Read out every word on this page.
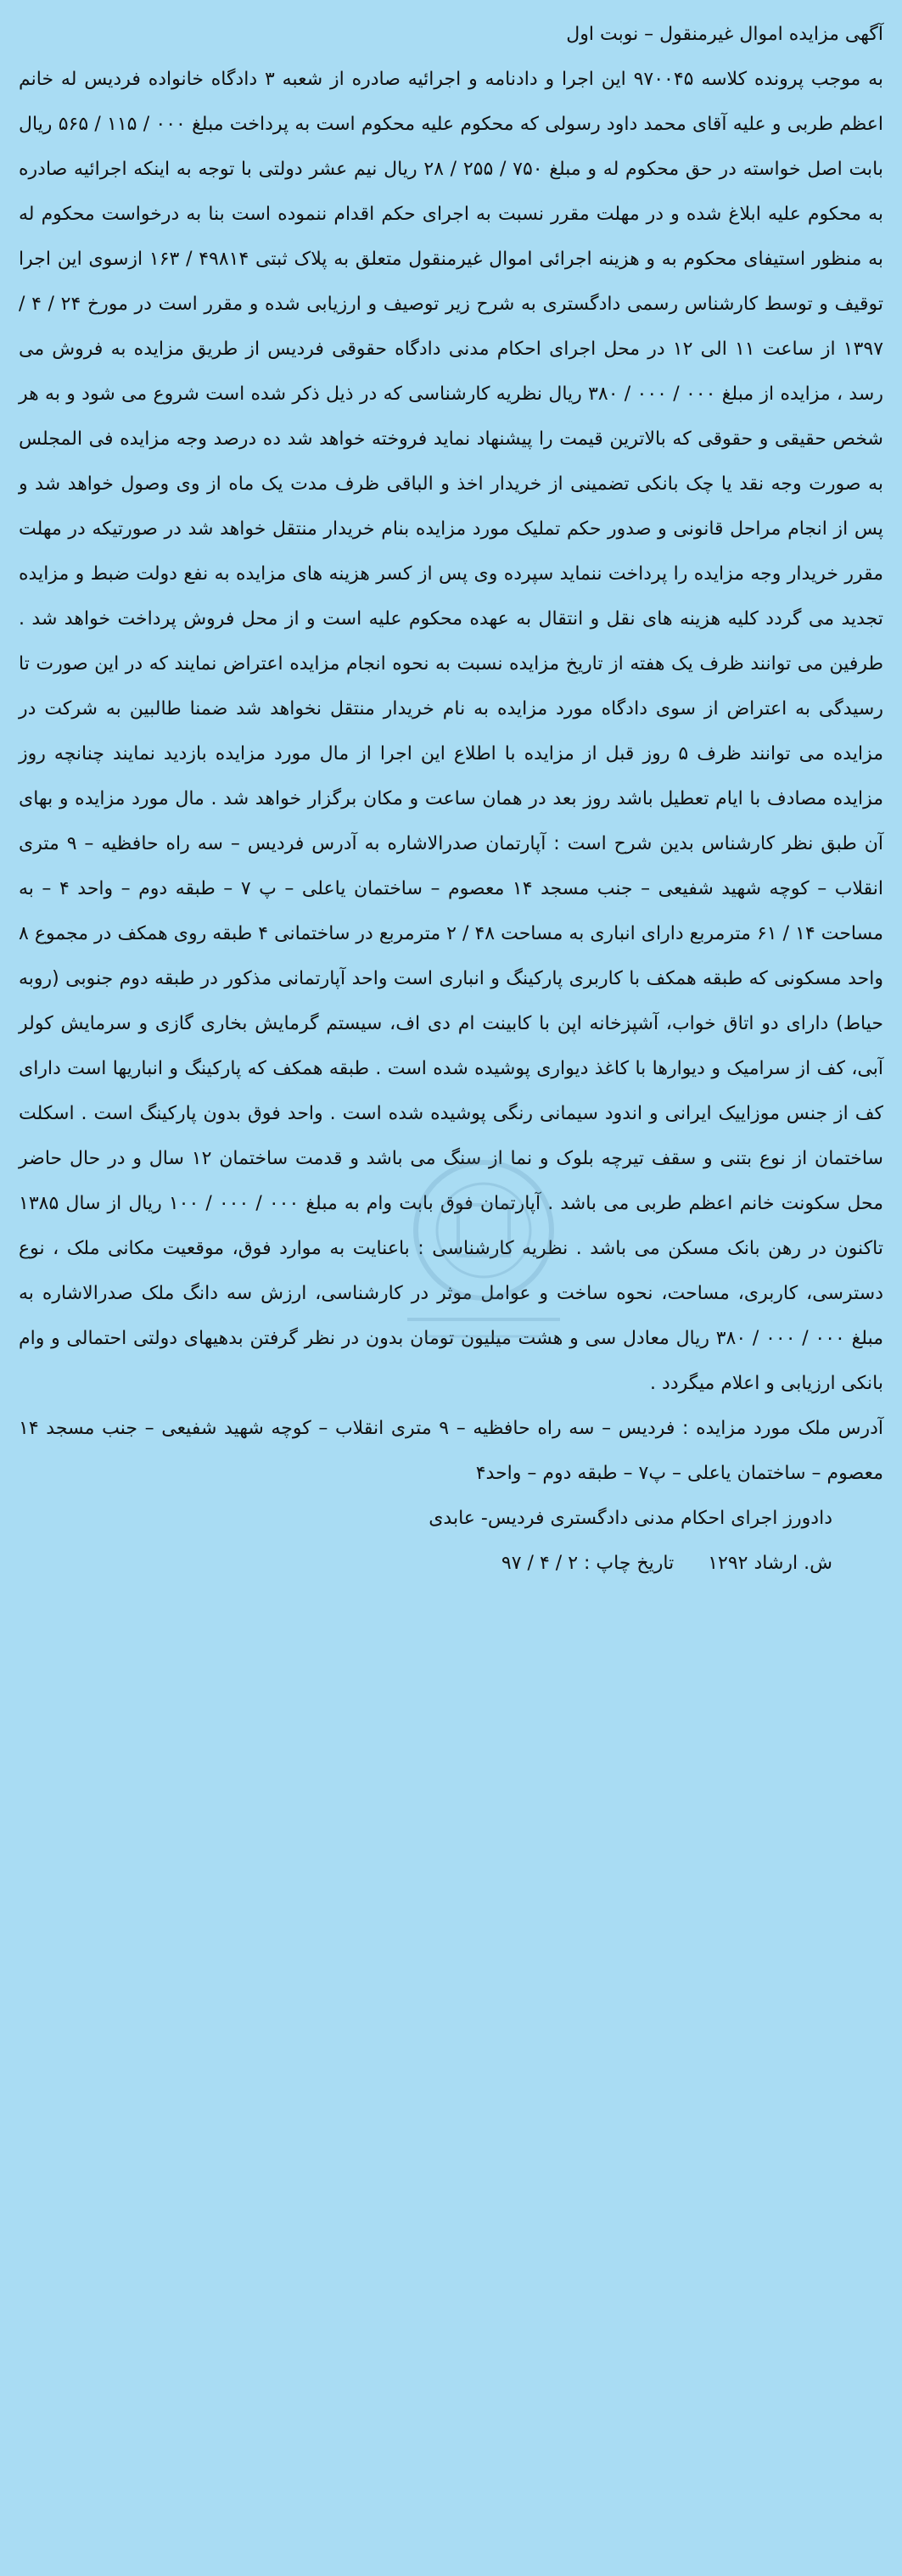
آگهی مزایده اموال غیرمنقول – نوبت اول

به موجب پرونده کلاسه ۹۷۰۰۴۵ این اجرا و دادنامه و اجرائیه صادره از شعبه ۳ دادگاه خانواده فردیس له خانم اعظم طربی و علیه آقای محمد داود رسولی که محکوم علیه محکوم است به پرداخت مبلغ ۰۰۰ / ۱۱۵ / ۵۶۵ ریال بابت اصل خواسته در حق محکوم له و مبلغ ۷۵۰ / ۲۵۵ / ۲۸ ریال نیم عشر دولتی با توجه به اینکه اجرائیه صادره به محکوم علیه ابلاغ شده و در مهلت مقرر نسبت به اجرای حکم اقدام ننموده است بنا به درخواست محکوم له به منظور استیفای محکوم به و هزینه اجرائی اموال غیرمنقول متعلق به پلاک ثبتی ۴۹۸۱۴ / ۱۶۳ ازسوی این اجرا توقیف و توسط کارشناس رسمی دادگستری به شرح زیر توصیف و ارزیابی شده و مقرر است در مورخ ۲۴ / ۴ / ۱۳۹۷ از ساعت ۱۱ الی ۱۲ در محل اجرای احکام مدنی دادگاه حقوقی فردیس از طریق مزایده به فروش می رسد ، مزایده از مبلغ ۰۰۰ / ۰۰۰ / ۳۸۰ ریال نظریه کارشناسی که در ذیل ذکر شده است شروع می شود و به هر شخص حقیقی و حقوقی که بالاترین قیمت را پیشنهاد نماید فروخته خواهد شد ده درصد وجه مزایده فی المجلس به صورت وجه نقد یا چک بانکی تضمینی از خریدار اخذ و الباقی ظرف مدت یک ماه از وی وصول خواهد شد و پس از انجام مراحل قانونی و صدور حکم تملیک مورد مزایده بنام خریدار منتقل خواهد شد در صورتیکه در مهلت مقرر خریدار وجه مزایده را پرداخت ننماید سپرده وی پس از کسر هزینه های مزایده به نفع دولت ضبط و مزایده تجدید می گردد کلیه هزینه های نقل و انتقال به عهده محکوم علیه است و از محل فروش پرداخت خواهد شد . طرفین می توانند ظرف یک هفته از تاریخ مزایده نسبت به نحوه انجام مزایده اعتراض نمایند که در این صورت تا رسیدگی به اعتراض از سوی دادگاه مورد مزایده به نام خریدار منتقل نخواهد شد ضمنا طالبین به شرکت در مزایده می توانند ظرف ۵ روز قبل از مزایده با اطلاع این اجرا از مال مورد مزایده بازدید نمایند چنانچه روز مزایده مصادف با ایام تعطیل باشد روز بعد در همان ساعت و مکان برگزار خواهد شد . مال مورد مزایده و بهای آن طبق نظر کارشناس بدین شرح است : آپارتمان صدرالاشاره به آدرس فردیس – سه راه حافظیه – ۹ متری انقلاب – کوچه شهید شفیعی – جنب مسجد ۱۴ معصوم – ساختمان یاعلی – پ ۷ – طبقه دوم – واحد ۴ – به مساحت ۱۴ / ۶۱ مترمربع دارای انباری به مساحت ۴۸ / ۲ مترمربع در ساختمانی ۴ طبقه روی همکف در مجموع ۸ واحد مسکونی که طبقه همکف با کاربری پارکینگ و انباری است واحد آپارتمانی مذکور در طبقه دوم جنوبی (روبه حیاط) دارای دو اتاق خواب، آشپزخانه اپن با کابینت ام دی اف، سیستم گرمایش بخاری گازی و سرمایش کولر آبی، کف از سرامیک و دیوارها با کاغذ دیواری پوشیده شده است . طبقه همکف که پارکینگ و انباریها است دارای کف از جنس موزاییک ایرانی و اندود سیمانی رنگی پوشیده شده است . واحد فوق بدون پارکینگ است . اسکلت ساختمان از نوع بتنی و سقف تیرچه بلوک و نما از سنگ می باشد و قدمت ساختمان ۱۲ سال و در حال حاضر محل سکونت خانم اعظم طربی می باشد . آپارتمان فوق بابت وام به مبلغ ۰۰۰ / ۰۰۰ / ۱۰۰ ریال از سال ۱۳۸۵ تاکنون در رهن بانک مسکن می باشد . نظریه کارشناسی : باعنایت به موارد فوق، موقعیت مکانی ملک ، نوع دسترسی، کاربری، مساحت، نحوه ساخت و عوامل موثر در کارشناسی، ارزش سه دانگ ملک صدرالاشاره به مبلغ ۰۰۰ / ۰۰۰ / ۳۸۰ ریال معادل سی و هشت میلیون تومان بدون در نظر گرفتن بدهیهای دولتی احتمالی و وام بانکی ارزیابی و اعلام میگردد .

آدرس ملک مورد مزایده : فردیس – سه راه حافظیه – ۹ متری انقلاب – کوچه شهید شفیعی – جنب مسجد ۱۴ معصوم – ساختمان یاعلی – پ۷ – طبقه دوم – واحد۴

دادورز اجرای احکام مدنی دادگستری فردیس- عابدی

ش. ارشاد ۱۲۹۲
تاریخ چاپ : ۲ / ۴ / ۹۷
